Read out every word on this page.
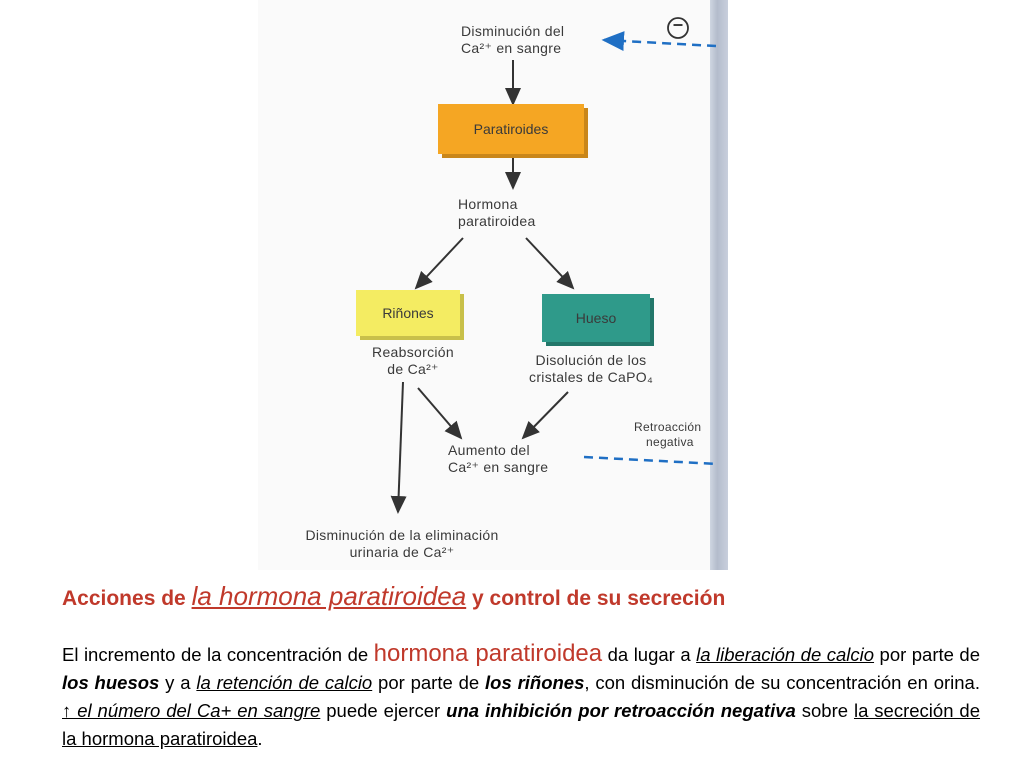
−
Disminución del
Ca²⁺ en sangre
Paratiroides
Hormona
paratiroidea
Riñones	Hueso
Reabsorción
de Ca²⁺
Disolución de los
cristales de CaPO₄
Retroacción
negativa
Aumento del
Ca²⁺ en sangre
Disminución de la eliminación
urinaria de Ca²⁺
Acciones de la hormona paratiroidea y control de su secreción
El incremento de la concentración de hormona paratiroidea da lugar a la liberación de calcio por parte de los huesos y a la retención de calcio por parte de los riñones, con disminución de su concentración en orina. ↑ el número del Ca+ en sangre puede ejercer una inhibición por retroacción negativa sobre la secreción de la hormona paratiroidea.
